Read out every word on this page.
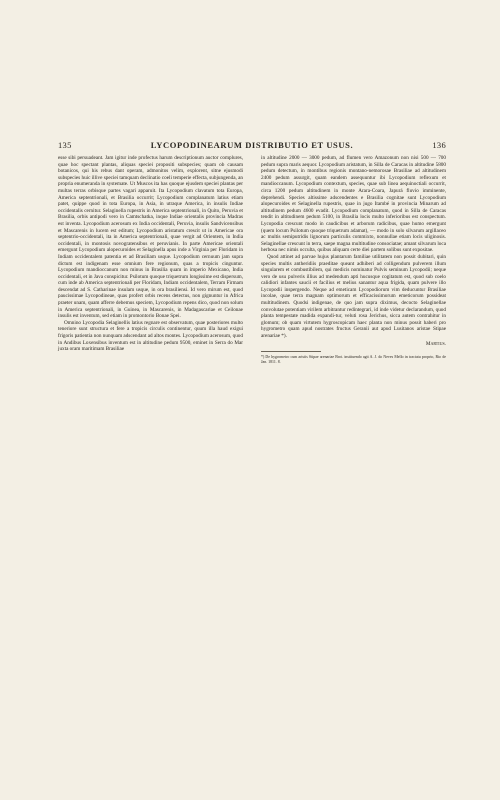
135	LYCOPODINEARUM DISTRIBUTIO ET USUS.	136

esse sibi persuadeant. Jam igitur inde profectus harum descriptionum auctor complures, quae hoc spectant plantas, aliquas speciei propositi subspecies; quam ob causam botanicos, qui his rebus dant operam, admonitos velim, explorent, sitne ejusmodi subspecies huic illive speciei tamquam declinatio coeli temperie effecta, subjungenda, an propria enumeranda in systemate. Ut Muscos ita has quoque ejusdem speciei plantas per multas terras orbisque partes vagari apparuit. Ita Lycopodium clavatum tota Europa, America septentrionali, et Brasilia occurrit; Lycopodium complanatum latius etiam patet, quippe quod in tota Europa, in Asia, in utraque America, in insulis Indiae occidentalis cernitur. Selaginella rupestris in America septentrionali, in Quito, Peruvia et Brasilia, orbis antipodi vero in Camtschatka, inque Indiae orientalis provincia Madras est inventa. Lycopodium acerosum ex India occidentali, Peruvia, insulis Sandvicensibus et Mascarenis in lucem est editum; Lycopodium aristatum crescit ut in Americae ora septentrio-occidentali, ita in America septentrionali, quae vergit ad Orientem, in India occidentali, in montosis novogratensibus et peruvianis. In parte Americae orientali emergunt Lycopodium alopecuroides et Selaginella apus inde a Virginia per Floridam in Indiam occidentalem patentia et ad Brasiliam usque. Lycopodium cernuum jam supra dictum est indigenam esse omnium fere regionum, quas a tropicis cinguntur. Lycopodium mandioccanum non minus in Brasilia quam in imperio Mexicano, India occidentali, et in Java conspicitur. Psilotum quoque triquetrum longissime est dispersum, cum inde ab America septentrionali per Floridam, Indiam occidentalem, Terram Firmam descendat ad S. Catharinae insulam usque, in ora brasiliensi. Id vero mirum est, quod paucissimae Lycopodineae, quas profert orbis recens detectus, non gignuntur in Africa praeter unam, quam afferre debemus speciem, Lycopodium repens dico, quod non solum in America septentrionali, in Guinea, in Mascarenis, in Madagascariae et Ceilonae insulis est inventum, sed etiam in promontorio Bonae Spei.

Omnino Lycopodia Selaginellis latius regnare est observatum, quae posteriores multo teneriore sunt structura et fere a tropicis circulis continentur, quum illa haud exigui frigoris patientia non nunquam adscendant ad altos montes. Lycopodium acerosum, quod in Andibus Loxensibus inventum est in altitudine pedum 9500, eminet in Serra do Mar juxta oram maritimam Brasiliae

in altitudine 2000 — 3000 pedum, ad flumen vero Amazonum non nisi 500 — 700 pedum supra maris aequor. Lycopodium aristatum, in Silla de Caracas in altitudine 5800 pedum detectum, in montibus regionis montano-nemorosae Brasiliae ad altitudinem 2400 pedum assurgit, quam eandem assequuntur ibi Lycopodium reflexum et mandioccanum. Lycopodium contextum, species, quae sub linea aequinoctiali occurrit, circa 1200 pedum altitudinem in monte Arara-Coara, Japurá fluvio imminente, deprehendi. Species altissime adscendentes e Brasilia cognitae sunt Lycopodium alopecuroides et Selaginella rupestris, quae in jugo Itambé in provincia Minarum ad altitudinem pedum 4600 evadit. Lycopodium complanatum, quod in Silla de Caracas tendit in altitudinem pedum 5100, in Brasilia locis multo inferioribus est conspectum. Lycopodia crescunt modo in caudicibus et arborum radicibus, quae humo emergunt (quem locum Psilotum quoque triquetrum adamat), — modo in solo silvarum argillaceo ac multis semiputridis lignorum particulis commixto, nonnullae etiam locis uliginosis. Selaginellae crescunt in terra, saepe magna multitudine consociatae; amant silvarum loca herbosa nec nimis occulta, quibus aliquam certe diei partem solibus sunt expositae.

Quod attinet ad parvae hujus plantarum familiae utilitatem non possit dubitari, quin species multis antheridiis praeditae queant adhiberi ad colligendum pulverem illum singularem et combustibilem, qui medicis nominatur Pulvis seminum Lycopodii; neque vero de usu pulveris illius ad medendum apti hucusque cogitatum est, quod sub coelo calidiori infantes saucii et facilius et melius sanantur aqua frigida, quam pulvere illo Lycopodii inspergendo. Neque ad emeticam Lycopodiorum vim deducuntur Brasiliae incolae, quae terra magnam optimorum et efficacissimorum emeticorum possideat multitudinem. Quodsi indigenae, de quo jam supra diximus, decocto Selaginellae convolutae potentiam virilem arbitrantur redintegrari, id inde videtur declarandum, quod planta tempestate madida expandi-tur, veluti rosa Jerichus, sicca autem contrahitur in glomum; ob quam virtutem hygroscopicam haec planta non minus possit haberi pro hygrometro quam apud nostrates fructus Geranii aut apud Lusitanos aristae Stipae arenariae *).

Martius.
*) De hygrometro cum aristis Stipae arenariae Brot. instituendo agit A. J. do Neves Mello in tractatu proprio, Rio de Jan. 1811. 8.
